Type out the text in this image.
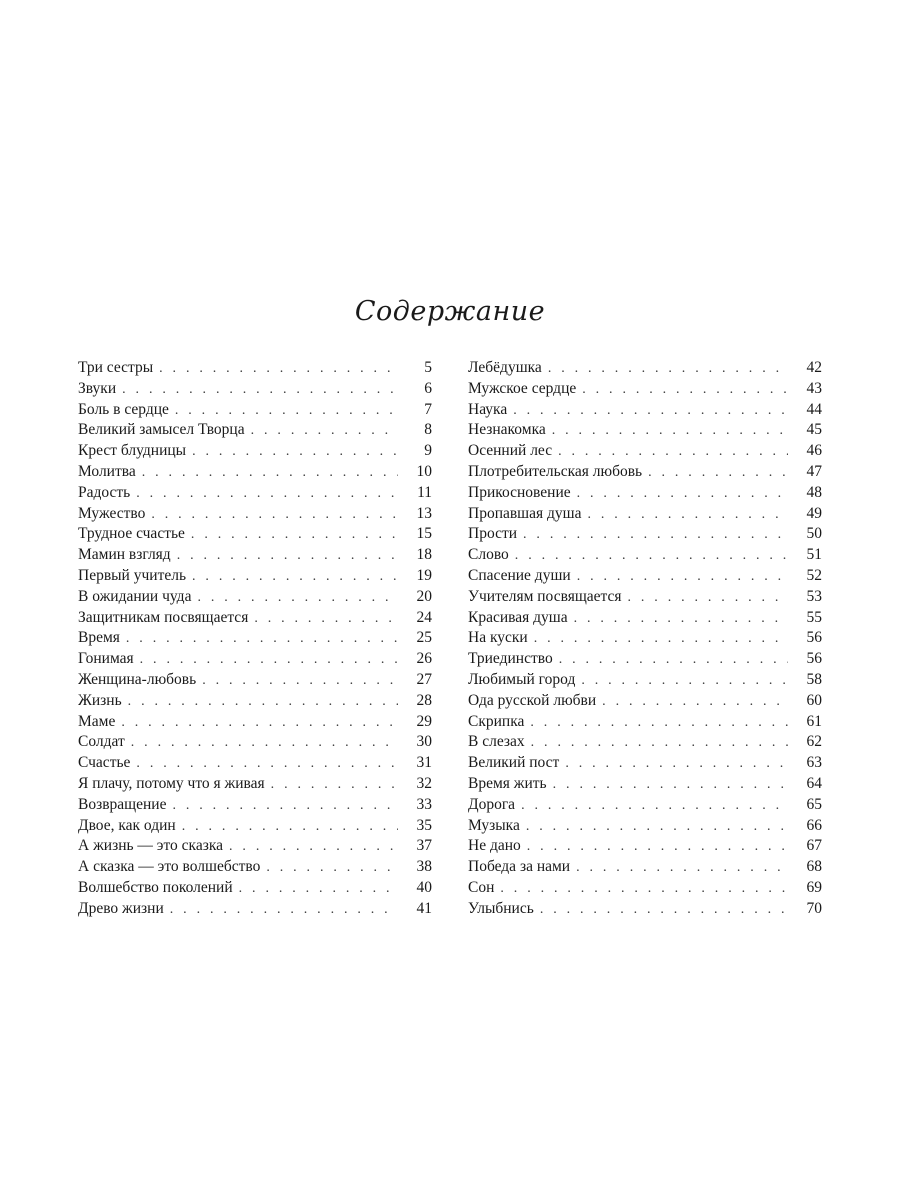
Содержание
Три сестры . . .	5
Звуки . . .	6
Боль в сердце . . .	7
Великий замысел Творца . . .	8
Крест блудницы . . .	9
Молитва . . .	10
Радость . . .	11
Мужество . . .	13
Трудное счастье . . .	15
Мамин взгляд . . .	18
Первый учитель . . .	19
В ожидании чуда . . .	20
Защитникам посвящается . . .	24
Время . . .	25
Гонимая . . .	26
Женщина-любовь . . .	27
Жизнь . . .	28
Маме . . .	29
Солдат . . .	30
Счастье . . .	31
Я плачу, потому что я живая . . .	32
Возвращение . . .	33
Двое, как один . . .	35
А жизнь — это сказка . . .	37
А сказка — это волшебство . . .	38
Волшебство поколений . . .	40
Древо жизни . . .	41
Лебёдушка . . .	42
Мужское сердце . . .	43
Наука . . .	44
Незнакомка . . .	45
Осенний лес . . .	46
Плотребительская любовь . . .	47
Прикосновение . . .	48
Пропавшая душа . . .	49
Прости . . .	50
Слово . . .	51
Спасение души . . .	52
Учителям посвящается . . .	53
Красивая душа . . .	55
На куски . . .	56
Триединство . . .	56
Любимый город . . .	58
Ода русской любви . . .	60
Скрипка . . .	61
В слезах . . .	62
Великий пост . . .	63
Время жить . . .	64
Дорога . . .	65
Музыка . . .	66
Не дано . . .	67
Победа за нами . . .	68
Сон . . .	69
Улыбнись . . .	70
